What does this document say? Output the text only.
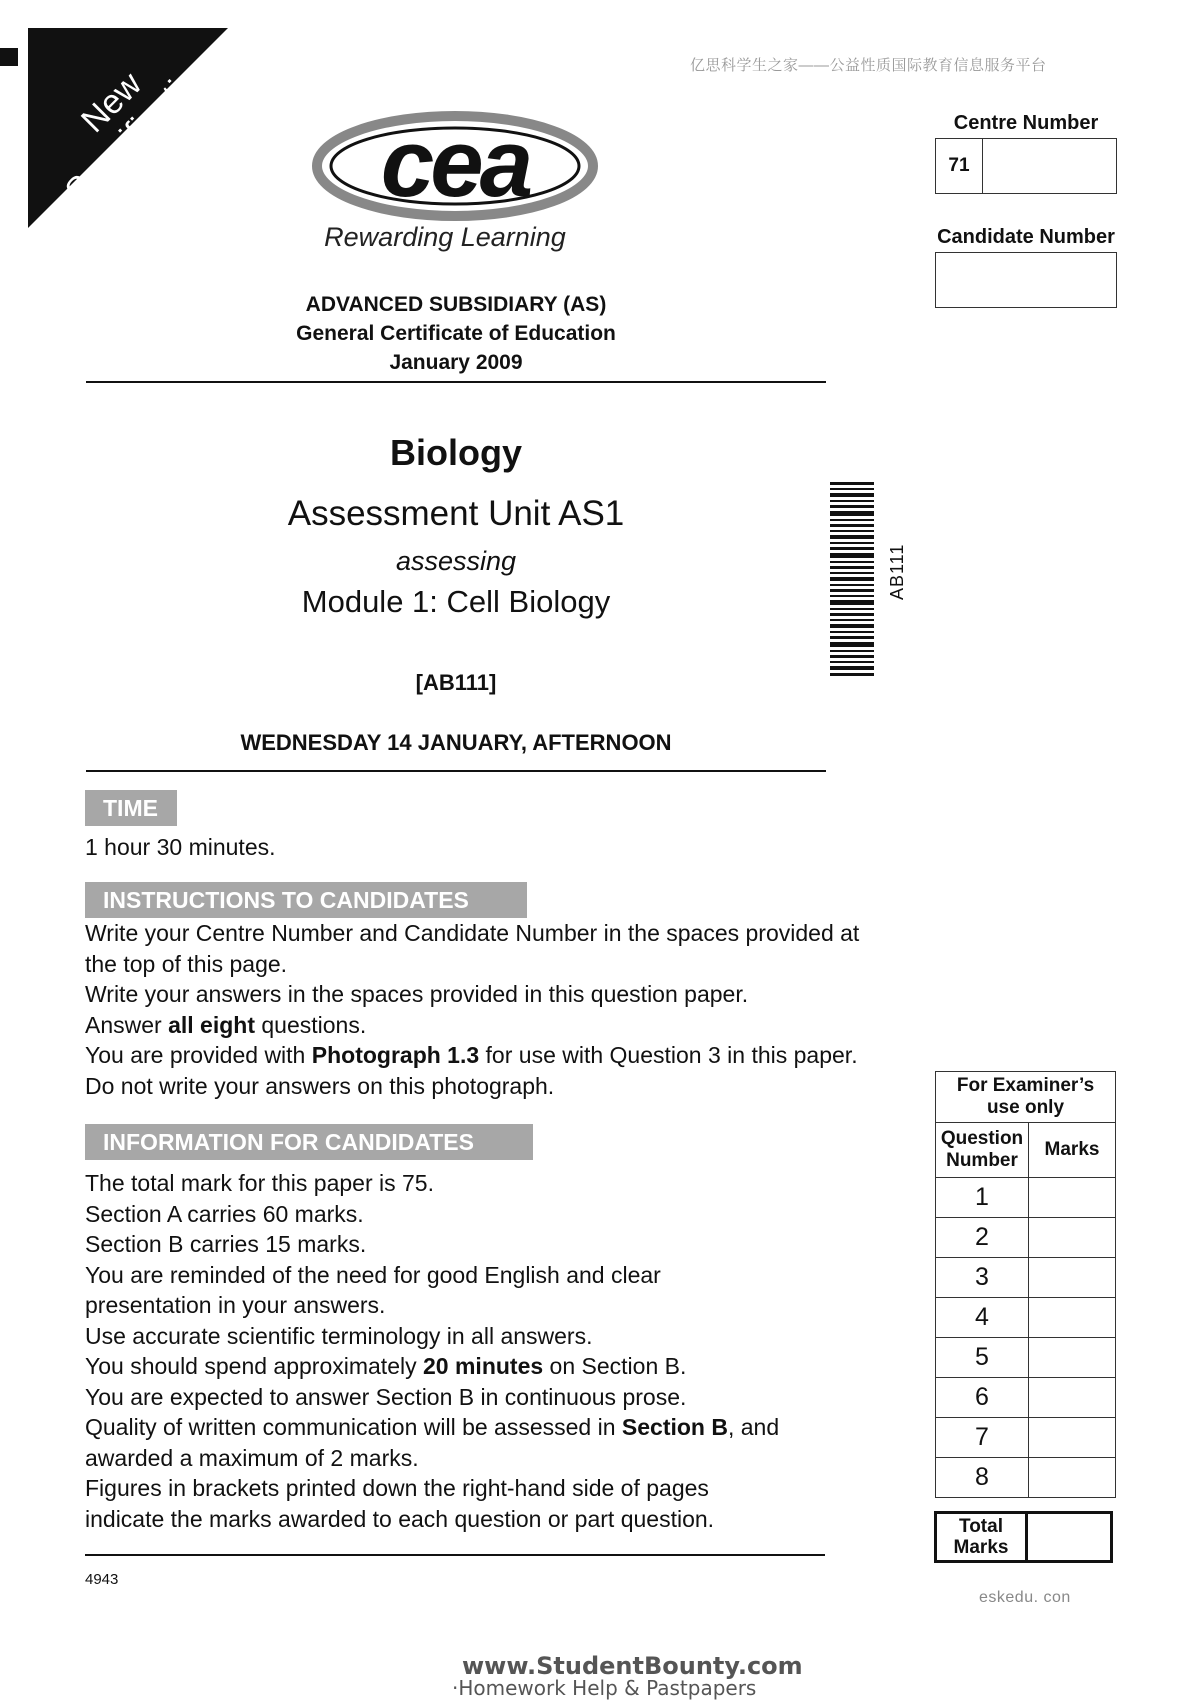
New Specification	亿思科学生之家——公益性质国际教育信息服务平台
cea
Rewarding Learning
ADVANCED SUBSIDIARY (AS)
General Certificate of Education
January 2009
Biology
Assessment Unit AS1
assessing
Module 1: Cell Biology
[AB111]
WEDNESDAY 14 JANUARY, AFTERNOON
AB111
Centre Number
71
Candidate Number
TIME
1 hour 30 minutes.
INSTRUCTIONS TO CANDIDATES

Write your Centre Number and Candidate Number in the spaces provided at

the top of this page.

Write your answers in the spaces provided in this question paper.

Answer all eight questions.

You are provided with Photograph 1.3 for use with Question 3 in this paper.

Do not write your answers on this photograph.

INFORMATION FOR CANDIDATES

The total mark for this paper is 75.

Section A carries 60 marks.

Section B carries 15 marks.

You are reminded of the need for good English and clear

presentation in your answers.

Use accurate scientific terminology in all answers.

You should spend approximately 20 minutes on Section B.

You are expected to answer Section B in continuous prose.

Quality of written communication will be assessed in Section B, and

awarded a maximum of 2 marks.

Figures in brackets printed down the right-hand side of pages

indicate the marks awarded to each question or part question.

For Examiner’s
use only	

Question
Number	Marks
1	
2	
3	
4	
5	
6	
7	
8	
Total
Marks

4943
eskedu. con
www.StudentBounty.com
·Homework Help & Pastpapers
